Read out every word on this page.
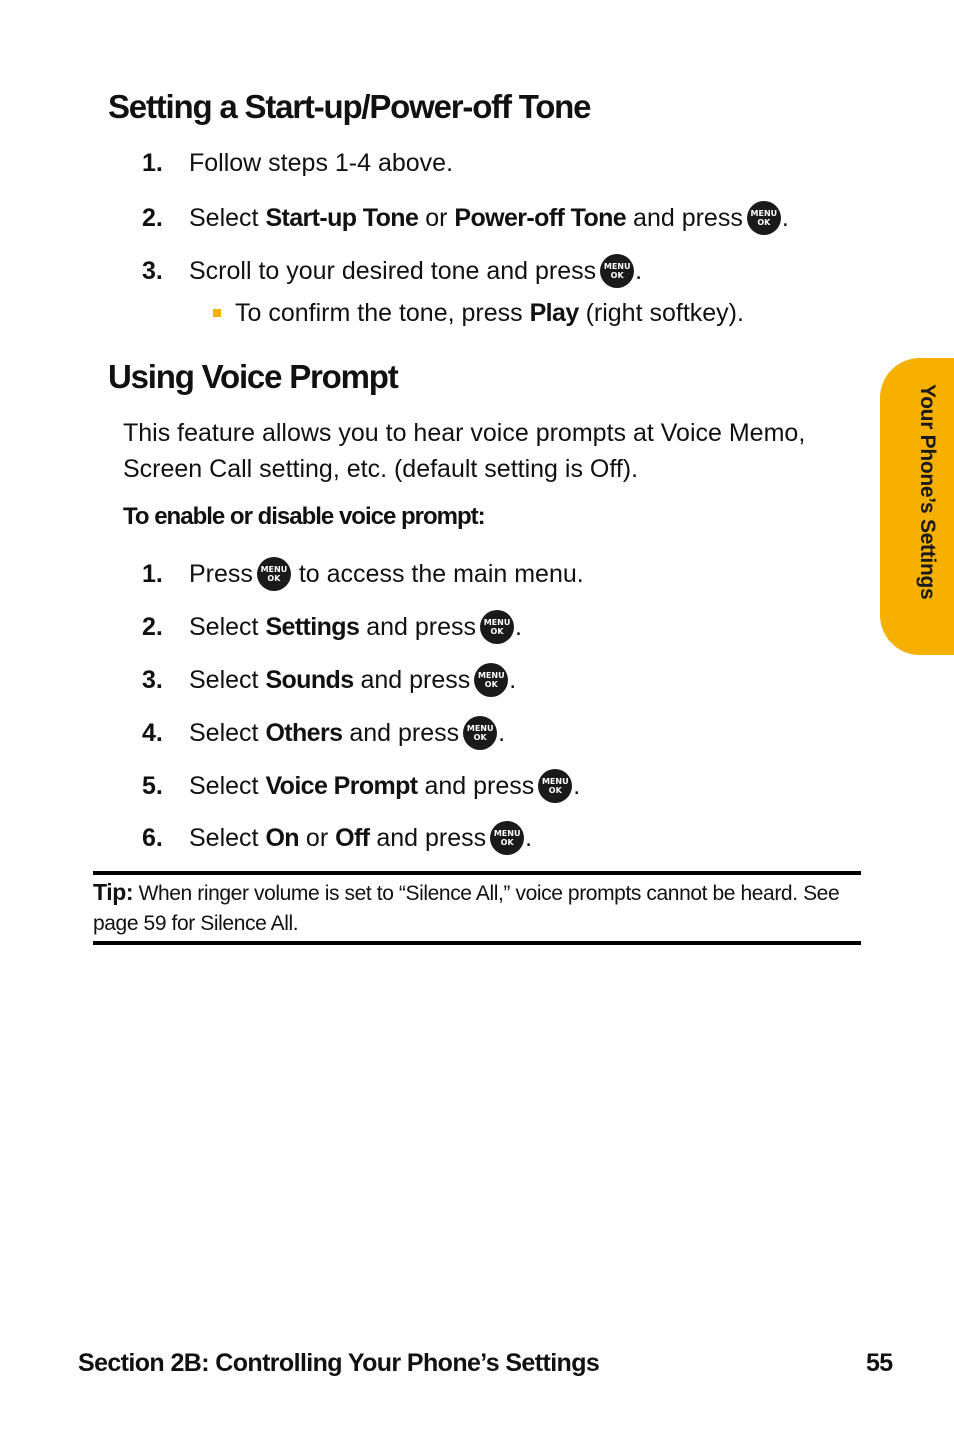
Setting a Start-up/Power-off Tone
1.	Follow steps 1-4 above.
2.	Select Start-up Tone or Power-off Tone and press MENU
OK .
3.	Scroll to your desired tone and press MENU
OK .
To confirm the tone, press Play (right softkey).
Using Voice Prompt

This feature allows you to hear voice prompts at Voice Memo, Screen Call setting, etc. (default setting is Off).

To enable or disable voice prompt:
1.	Press MENU
OK to access the main menu.
2.	Select Settings and press MENU
OK .
3.	Select Sounds and press MENU
OK .
4.	Select Others and press MENU
OK .
5.	Select Voice Prompt and press MENU
OK .
6.	Select On or Off and press MENU
OK .

Tip: When ringer volume is set to “Silence All,” voice prompts cannot be heard. See page 59 for Silence All.

Your Phone’s Settings
Section 2B: Controlling Your Phone’s Settings	55
